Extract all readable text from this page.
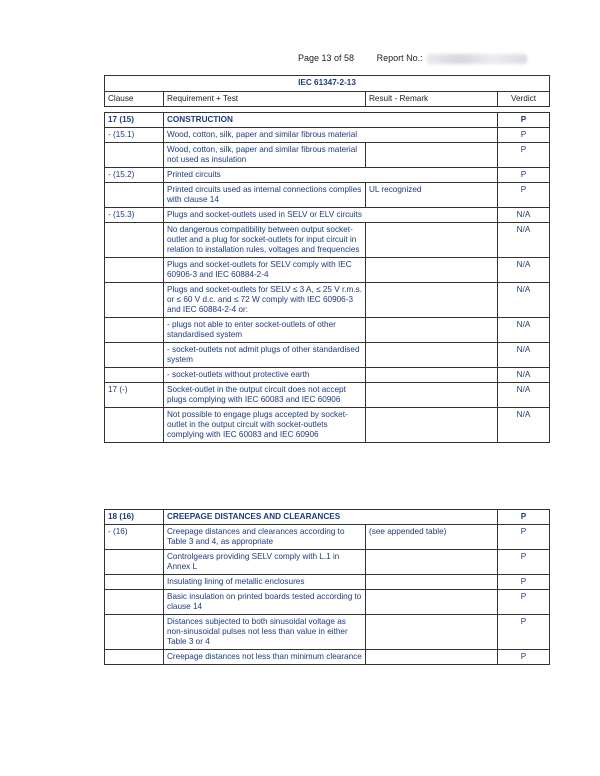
Page 13 of 58	Report No.:
IEC 61347-2-13			
Clause	Requirement + Test	Result - Remark	Verdict

17 (15)	CONSTRUCTION		P
- (15.1)	Wood, cotton, silk, paper and similar fibrous material		P
	Wood, cotton, silk, paper and similar fibrous material not used as insulation		P
- (15.2)	Printed circuits		P
	Printed circuits used as internal connections complies with clause 14	UL recognized	P
- (15.3)	Plugs and socket-outlets used in SELV or ELV circuits		N/A
	No dangerous compatibility between output socket-outlet and a plug for socket-outlets for input circuit in relation to installation rules, voltages and frequencies		N/A
	Plugs and socket-outlets for SELV comply with IEC 60906-3 and IEC 60884-2-4		N/A
	Plugs and socket-outlets for SELV ≤ 3 A, ≤ 25 V r.m.s. or ≤ 60 V d.c. and ≤ 72 W comply with IEC 60906-3 and IEC 60884-2-4 or:		N/A
	- plugs not able to enter socket-outlets of other standardised system		N/A
	- socket-outlets not admit plugs of other standardised system		N/A
	- socket-outlets without protective earth		N/A
17 (-)	Socket-outlet in the output circuit does not accept plugs complying with IEC 60083 and IEC 60906		N/A
	Not possible to engage plugs accepted by socket-outlet in the output circuit with socket-outlets complying with IEC 60083 and IEC 60906		N/A
18 (16)	CREEPAGE DISTANCES AND CLEARANCES		P
- (16)	Creepage distances and clearances according to Table 3 and 4, as appropriate	(see appended table)	P
	Controlgears providing SELV comply with L.1 in Annex L		P
	Insulating lining of metallic enclosures		P
	Basic insulation on printed boards tested according to clause 14		P
	Distances subjected to both sinusoidal voltage as non-sinusoidal pulses not less than value in either Table 3 or 4		P
	Creepage distances not less than minimum clearance		P
